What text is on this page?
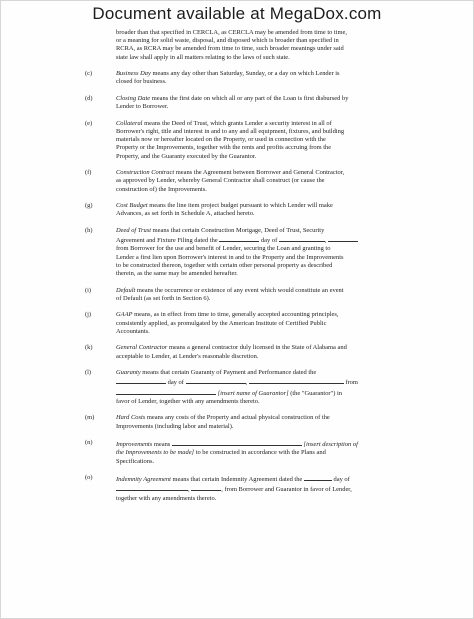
Document available at MegaDox.com
broader than that specified in CERCLA, as CERCLA may be amended from time to time,
or a meaning for solid waste, disposal, and disposed which is broader than specified in
RCRA, as RCRA may be amended from time to time, such broader meanings under said
state law shall apply in all matters relating to the laws of such state.
(c)	Business Day means any day other than Saturday, Sunday, or a day on which Lender is
closed for business.
(d)	Closing Date means the first date on which all or any part of the Loan is first disbursed by
Lender to Borrower.
(e)	Collateral means the Deed of Trust, which grants Lender a security interest in all of
Borrower's right, title and interest in and to any and all equipment, fixtures, and building
materials now or hereafter located on the Property, or used in connection with the
Property or the Improvements, together with the rents and profits accruing from the
Property, and the Guaranty executed by the Guarantor.
(f)	Construction Contract means the Agreement between Borrower and General Contractor,
as approved by Lender, whereby General Contractor shall construct (or cause the
construction of) the Improvements.
(g)	Cost Budget means the line item project budget pursuant to which Lender will make
Advances, as set forth in Schedule A, attached hereto.
(h)	Deed of Trust means that certain Construction Mortgage, Deed of Trust, Security
Agreement and Fixture Filing dated the	day of	,
from Borrower for the use and benefit of Lender, securing the Loan and granting to
Lender a first lien upon Borrower's interest in and to the Property and the Improvements
to be constructed thereon, together with certain other personal property as described
therein, as the same may be amended hereafter.
(i)	Default means the occurrence or existence of any event which would constitute an event
of Default (as set forth in Section 6).
(j)	GAAP means, as in effect from time to time, generally accepted accounting principles,
consistently applied, as promulgated by the American Institute of Certified Public
Accountants.
(k)	General Contractor means a general contractor duly licensed in the State of Alabama and
acceptable to Lender, at Lender's reasonable discretion.
(l)	Guaranty means that certain Guaranty of Payment and Performance dated the
day of	,	from
[insert name of Guarantor] (the "Guarantor") in
favor of Lender, together with any amendments thereto.
(m)	Hard Costs means any costs of the Property and actual physical construction of the
Improvements (including labor and material).
(n)	Improvements means	[insert description of
the Improvements to be made] to be constructed in accordance with the Plans and
Specifications.
(o)	Indemnity Agreement means that certain Indemnity Agreement dated the	day of
,	, from Borrower and Guarantor in favor of Lender,
together with any amendments thereto.
